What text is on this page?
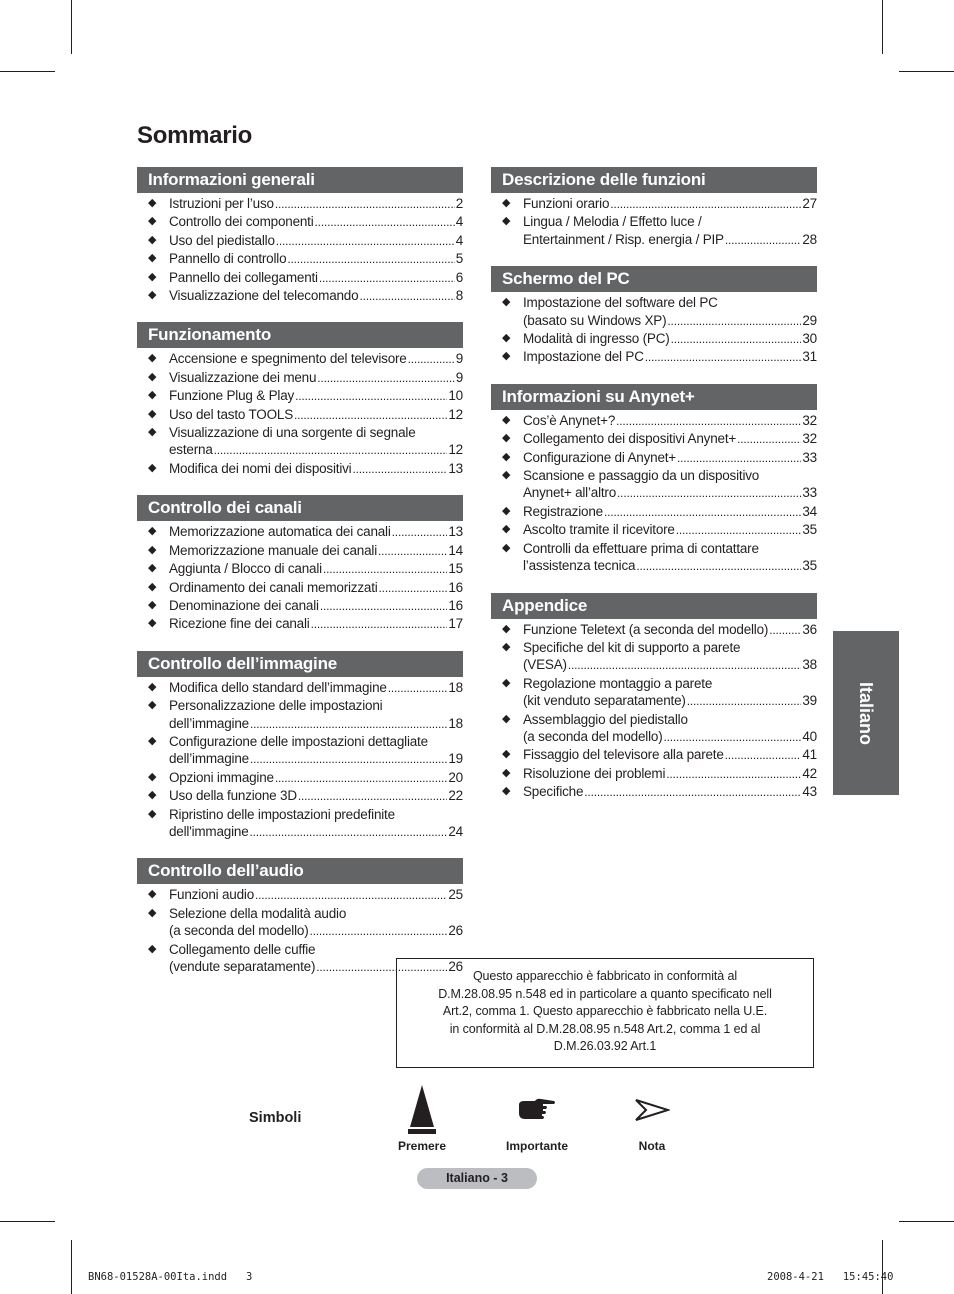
Sommario
Informazioni generali
◆ Istruzioni per l’uso .....	2
◆ Controllo dei componenti .....	4
◆ Uso del piedistallo .....	4
◆ Pannello di controllo .....	5
◆ Pannello dei collegamenti .....	6
◆ Visualizzazione del telecomando .....	8
Funzionamento
◆ Accensione e spegnimento del televisore .....	9
◆ Visualizzazione dei menu .....	9
◆ Funzione Plug & Play .....	10
◆ Uso del tasto TOOLS .....	12
◆ Visualizzazione di una sorgente di segnale
esterna .....	12
◆ Modifica dei nomi dei dispositivi .....	13
Controllo dei canali
◆ Memorizzazione automatica dei canali .....	13
◆ Memorizzazione manuale dei canali .....	14
◆ Aggiunta / Blocco di canali .....	15
◆ Ordinamento dei canali memorizzati .....	16
◆ Denominazione dei canali .....	16
◆ Ricezione fine dei canali .....	17
Controllo dell’immagine
◆ Modifica dello standard dell’immagine .....	18
◆ Personalizzazione delle impostazioni
dell’immagine .....	18
◆ Configurazione delle impostazioni dettagliate
dell’immagine .....	19
◆ Opzioni immagine .....	20
◆ Uso della funzione 3D .....	22
◆ Ripristino delle impostazioni predefinite
dell'immagine .....	24
Controllo dell’audio
◆ Funzioni audio .....	25
◆ Selezione della modalità audio
(a seconda del modello) .....	26
◆ Collegamento delle cuffie
(vendute separatamente) .....	26
Descrizione delle funzioni
◆ Funzioni orario .....	27
◆ Lingua / Melodia / Effetto luce /
Entertainment / Risp. energia / PIP .....	28
Schermo del PC
◆ Impostazione del software del PC
(basato su Windows XP) .....	29
◆ Modalità di ingresso (PC) .....	30
◆ Impostazione del PC .....	31
Informazioni su Anynet+
◆ Cos’è Anynet+? .....	32
◆ Collegamento dei dispositivi Anynet+ .....	32
◆ Configurazione di Anynet+ .....	33
◆ Scansione e passaggio da un dispositivo
Anynet+ all’altro .....	33
◆ Registrazione .....	34
◆ Ascolto tramite il ricevitore .....	35
◆ Controlli da effettuare prima di contattare
l’assistenza tecnica .....	35
Appendice
◆ Funzione Teletext (a seconda del modello) .....	36
◆ Specifiche del kit di supporto a parete
(VESA) .....	38
◆ Regolazione montaggio a parete
(kit venduto separatamente) .....	39
◆ Assemblaggio del piedistallo
(a seconda del modello) .....	40
◆ Fissaggio del televisore alla parete .....	41
◆ Risoluzione dei problemi .....	42
◆ Specifiche .....	43
Questo apparecchio è fabbricato in conformità al
D.M.28.08.95 n.548 ed in particolare a quanto specificato nell
Art.2, comma 1. Questo apparecchio è fabbricato nella U.E.
in conformità al D.M.28.08.95 n.548 Art.2, comma 1 ed al
D.M.26.03.92 Art.1
Simboli
Premere	Importante	Nota
Italiano
Italiano - 3
BN68-01528A-00Ita.indd   3	2008-4-21   15:45:40
